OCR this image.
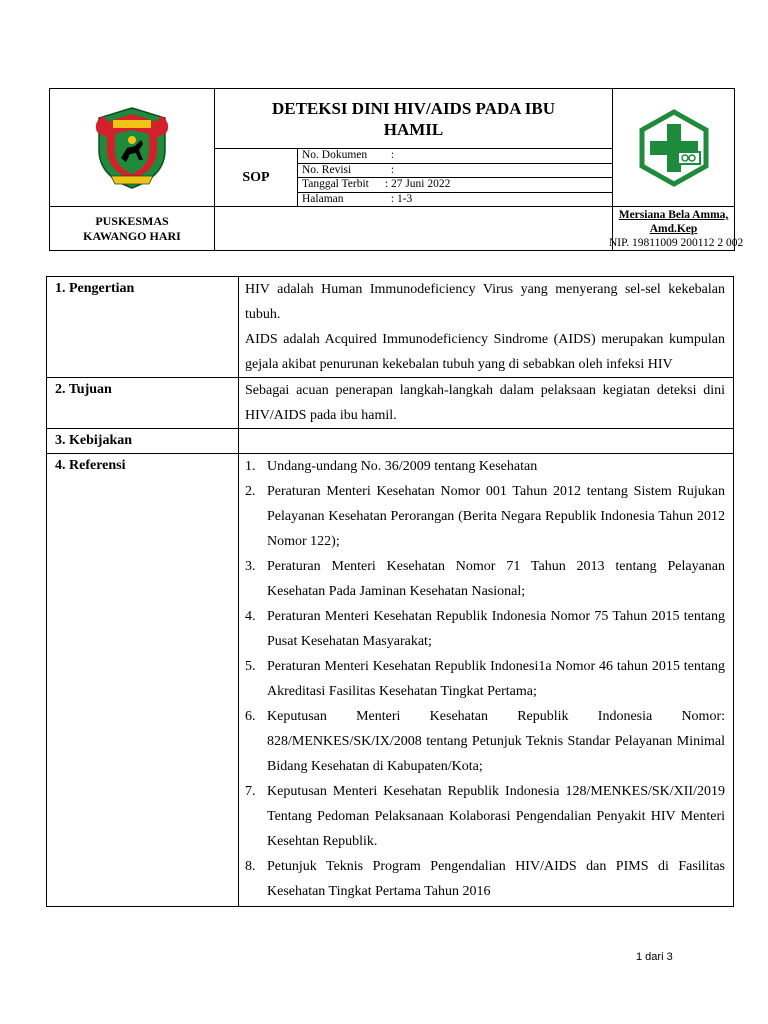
DETEKSI DINI HIV/AIDS PADA IBU HAMIL
SOP
No. Dokumen :
No. Revisi	:
Tanggal Terbit : 27 Juni 2022
Halaman	: 1-3
PUSKESMAS
KAWANGO HARI
Mersiana Bela Amma,
Amd.Kep
NIP. 19811009 200112 2 002
1. Pengertian	HIV adalah Human Immunodeficiency Virus yang menyerang sel-sel kekebalan tubuh.

AIDS adalah Acquired Immunodeficiency Sindrome (AIDS) merupakan kumpulan gejala akibat penurunan kekebalan tubuh yang di sebabkan oleh infeksi HIV

2. Tujuan	Sebagai acuan penerapan langkah-langkah dalam pelaksaan kegiatan deteksi dini HIV/AIDS pada ibu hamil.

3. Kebijakan
4. Referensi	1. Undang-undang No. 36/2009 tentang Kesehatan
2. Peraturan Menteri Kesehatan Nomor 001 Tahun 2012 tentang Sistem Rujukan Pelayanan Kesehatan Perorangan (Berita Negara Republik Indonesia Tahun 2012 Nomor 122);
3. Peraturan Menteri Kesehatan Nomor 71 Tahun 2013 tentang Pelayanan Kesehatan Pada Jaminan Kesehatan Nasional;
4. Peraturan Menteri Kesehatan Republik Indonesia Nomor 75 Tahun 2015 tentang Pusat Kesehatan Masyarakat;
5. Peraturan Menteri Kesehatan Republik Indonesi1a Nomor 46 tahun 2015 tentang Akreditasi Fasilitas Kesehatan Tingkat Pertama;
6. Keputusan Menteri Kesehatan Republik Indonesia Nomor: 828/MENKES/SK/IX/2008 tentang Petunjuk Teknis Standar Pelayanan Minimal Bidang Kesehatan di Kabupaten/Kota;
7. Keputusan Menteri Kesehatan Republik Indonesia 128/MENKES/SK/XII/2019 Tentang Pedoman Pelaksanaan Kolaborasi Pengendalian Penyakit HIV Menteri Kesehtan Republik.
8. Petunjuk Teknis Program Pengendalian HIV/AIDS dan PIMS di Fasilitas Kesehatan Tingkat Pertama Tahun 2016
1 dari 3
